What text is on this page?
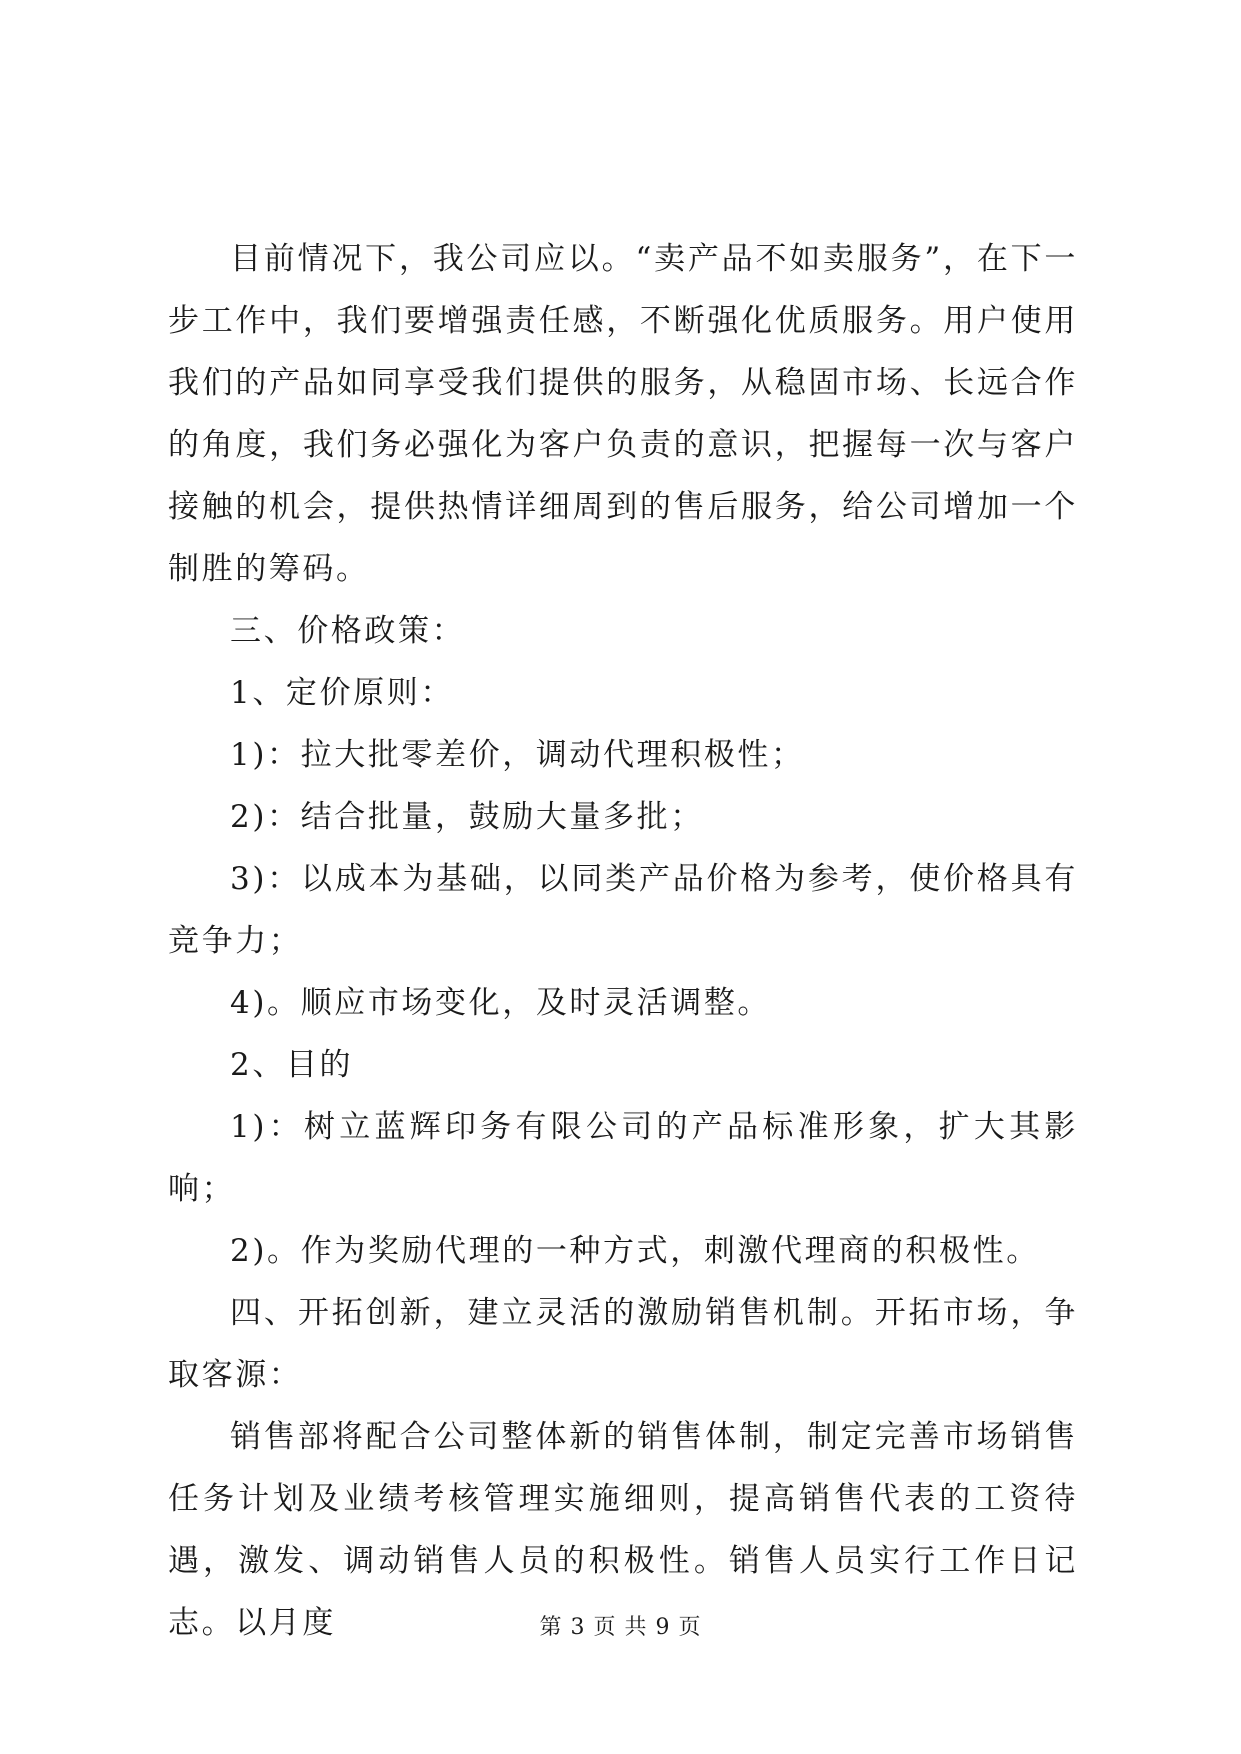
目前情况下，我公司应以。“卖产品不如卖服务”，在下一步工作中，我们要增强责任感，不断强化优质服务。用户使用我们的产品如同享受我们提供的服务，从稳固市场、长远合作的角度，我们务必强化为客户负责的意识，把握每一次与客户接触的机会，提供热情详细周到的售后服务，给公司增加一个制胜的筹码。

三、价格政策：

1、定价原则：

1)：拉大批零差价，调动代理积极性；

2)：结合批量，鼓励大量多批；

3)：以成本为基础，以同类产品价格为参考，使价格具有竞争力；

4)。顺应市场变化，及时灵活调整。

2、目的

1)：树立蓝辉印务有限公司的产品标准形象，扩大其影响；

2)。作为奖励代理的一种方式，刺激代理商的积极性。

四、开拓创新，建立灵活的激励销售机制。开拓市场，争取客源：

销售部将配合公司整体新的销售体制，制定完善市场销售任务计划及业绩考核管理实施细则，提高销售代表的工资待遇，激发、调动销售人员的积极性。销售人员实行工作日记志。以月度	第 3 页 共 9 页
